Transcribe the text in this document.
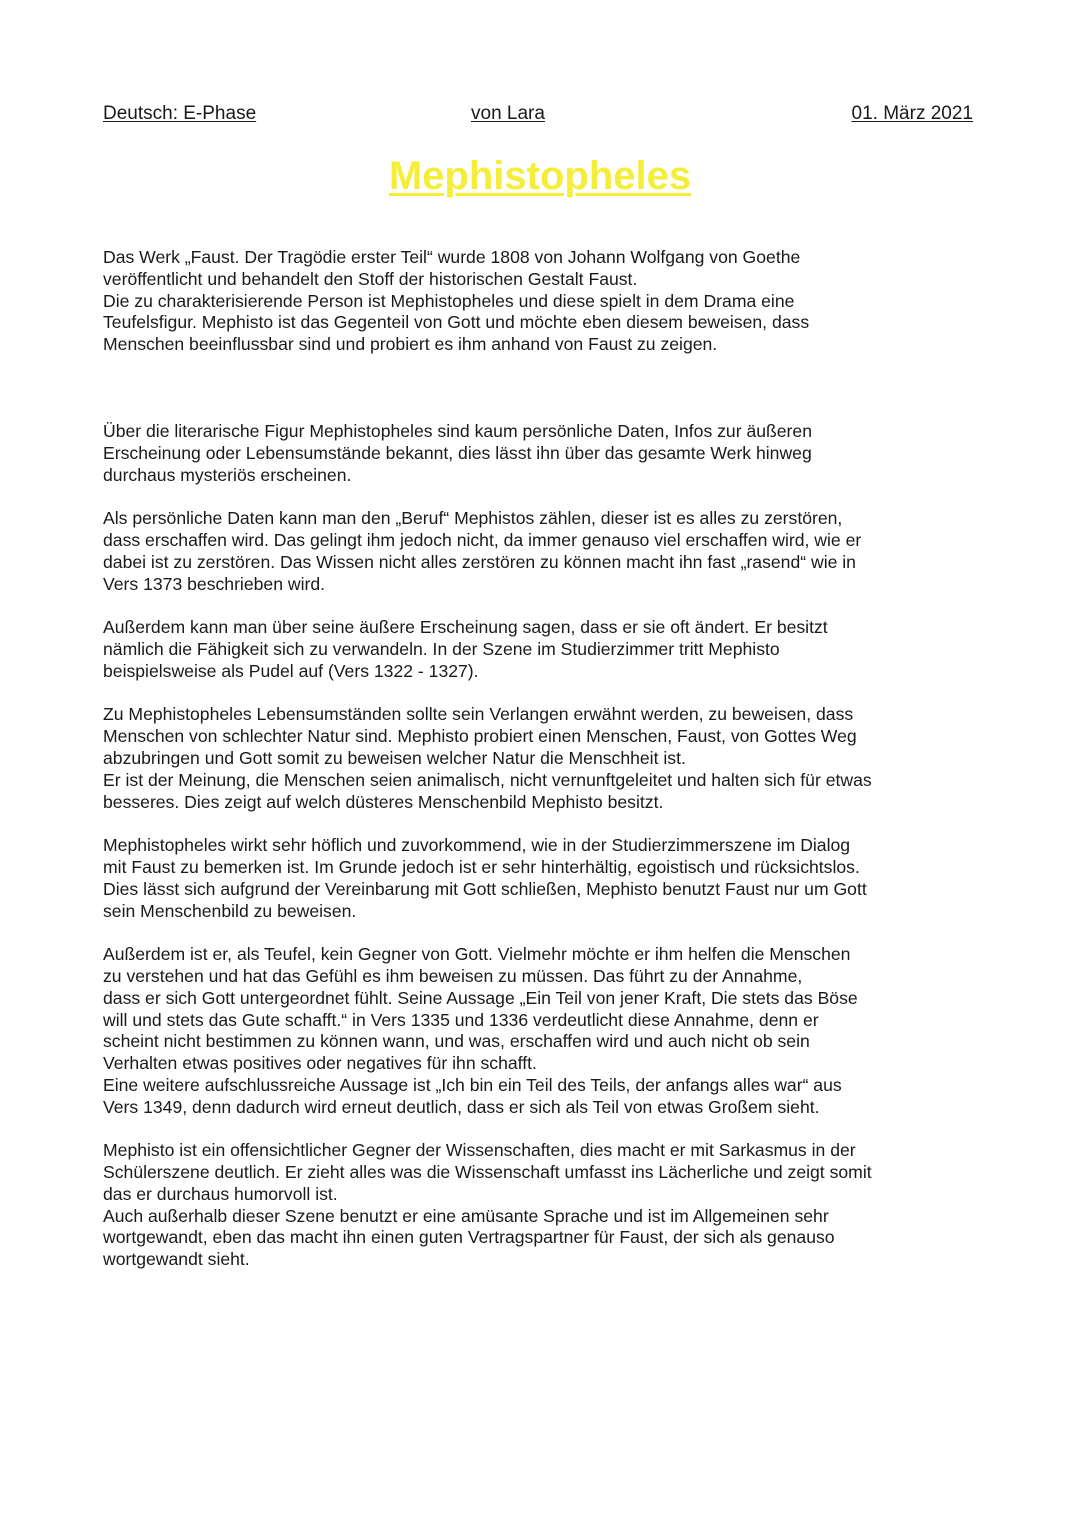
Deutsch: E-Phase	von Lara	01. März 2021
Mephistopheles

Das Werk „Faust. Der Tragödie erster Teil“ wurde 1808 von Johann Wolfgang von Goethe
veröffentlicht und behandelt den Stoff der historischen Gestalt Faust.
Die zu charakterisierende Person ist Mephistopheles und diese spielt in dem Drama eine
Teufelsfigur. Mephisto ist das Gegenteil von Gott und möchte eben diesem beweisen, dass
Menschen beeinflussbar sind und probiert es ihm anhand von Faust zu zeigen.

Über die literarische Figur Mephistopheles sind kaum persönliche Daten, Infos zur äußeren
Erscheinung oder Lebensumstände bekannt, dies lässt ihn über das gesamte Werk hinweg
durchaus mysteriös erscheinen.

Als persönliche Daten kann man den „Beruf“ Mephistos zählen, dieser ist es alles zu zerstören,
dass erschaffen wird. Das gelingt ihm jedoch nicht, da immer genauso viel erschaffen wird, wie er
dabei ist zu zerstören. Das Wissen nicht alles zerstören zu können macht ihn fast „rasend“ wie in
Vers 1373 beschrieben wird.

Außerdem kann man über seine äußere Erscheinung sagen, dass er sie oft ändert. Er besitzt
nämlich die Fähigkeit sich zu verwandeln. In der Szene im Studierzimmer tritt Mephisto
beispielsweise als Pudel auf (Vers 1322 - 1327).

Zu Mephistopheles Lebensumständen sollte sein Verlangen erwähnt werden, zu beweisen, dass
Menschen von schlechter Natur sind. Mephisto probiert einen Menschen, Faust, von Gottes Weg
abzubringen und Gott somit zu beweisen welcher Natur die Menschheit ist.
Er ist der Meinung, die Menschen seien animalisch, nicht vernunftgeleitet und halten sich für etwas
besseres. Dies zeigt auf welch düsteres Menschenbild Mephisto besitzt.

Mephistopheles wirkt sehr höflich und zuvorkommend, wie in der Studierzimmerszene im Dialog
mit Faust zu bemerken ist. Im Grunde jedoch ist er sehr hinterhältig, egoistisch und rücksichtslos.
Dies lässt sich aufgrund der Vereinbarung mit Gott schließen, Mephisto benutzt Faust nur um Gott
sein Menschenbild zu beweisen.

Außerdem ist er, als Teufel, kein Gegner von Gott. Vielmehr möchte er ihm helfen die Menschen
zu verstehen und hat das Gefühl es ihm beweisen zu müssen. Das führt zu der Annahme,
dass er sich Gott untergeordnet fühlt. Seine Aussage „Ein Teil von jener Kraft, Die stets das Böse
will und stets das Gute schafft.“ in Vers 1335 und 1336 verdeutlicht diese Annahme, denn er
scheint nicht bestimmen zu können wann, und was, erschaffen wird und auch nicht ob sein
Verhalten etwas positives oder negatives für ihn schafft.
Eine weitere aufschlussreiche Aussage ist „Ich bin ein Teil des Teils, der anfangs alles war“ aus
Vers 1349, denn dadurch wird erneut deutlich, dass er sich als Teil von etwas Großem sieht.

Mephisto ist ein offensichtlicher Gegner der Wissenschaften, dies macht er mit Sarkasmus in der
Schülerszene deutlich. Er zieht alles was die Wissenschaft umfasst ins Lächerliche und zeigt somit
das er durchaus humorvoll ist.
Auch außerhalb dieser Szene benutzt er eine amüsante Sprache und ist im Allgemeinen sehr
wortgewandt, eben das macht ihn einen guten Vertragspartner für Faust, der sich als genauso
wortgewandt sieht.
